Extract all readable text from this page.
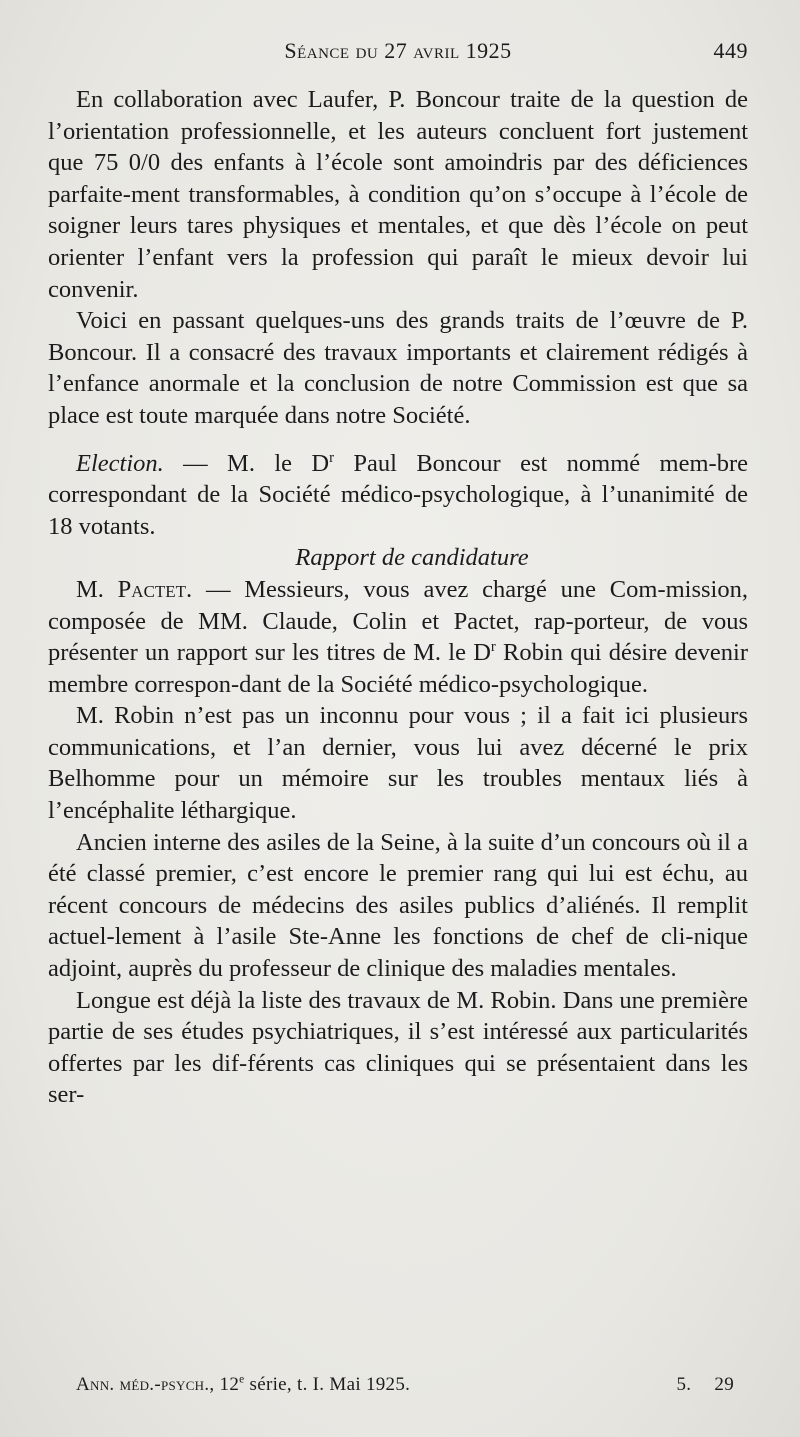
Séance du 27 avril 1925	449

En collaboration avec Laufer, P. Boncour traite de la question de l’orientation professionnelle, et les auteurs concluent fort justement que 75 0/0 des enfants à l’école sont amoindris par des déficiences parfaite-ment transformables, à condition qu’on s’occupe à l’école de soigner leurs tares physiques et mentales, et que dès l’école on peut orienter l’enfant vers la profession qui paraît le mieux devoir lui convenir.

Voici en passant quelques-uns des grands traits de l’œuvre de P. Boncour. Il a consacré des travaux importants et clairement rédigés à l’enfance anormale et la conclusion de notre Commission est que sa place est toute marquée dans notre Société.

Election. — M. le $D^r$ Paul Boncour est nommé mem-bre correspondant de la Société médico-psychologique, à l’unanimité de 18 votants.

Rapport de candidature

M. Pactet. — Messieurs, vous avez chargé une Com-mission, composée de MM. Claude, Colin et Pactet, rap-porteur, de vous présenter un rapport sur les titres de M. le $D^r$ Robin qui désire devenir membre correspon-dant de la Société médico-psychologique.

M. Robin n’est pas un inconnu pour vous ; il a fait ici plusieurs communications, et l’an dernier, vous lui avez décerné le prix Belhomme pour un mémoire sur les troubles mentaux liés à l’encéphalite léthargique.

Ancien interne des asiles de la Seine, à la suite d’un concours où il a été classé premier, c’est encore le premier rang qui lui est échu, au récent concours de médecins des asiles publics d’aliénés. Il remplit actuel-lement à l’asile Ste-Anne les fonctions de chef de cli-nique adjoint, auprès du professeur de clinique des maladies mentales.

Longue est déjà la liste des travaux de M. Robin. Dans une première partie de ses études psychiatriques, il s’est intéressé aux particularités offertes par les dif-férents cas cliniques qui se présentaient dans les ser-

Ann. méd.-psych., 12e série, t. I. Mai 1925.	5. 29
